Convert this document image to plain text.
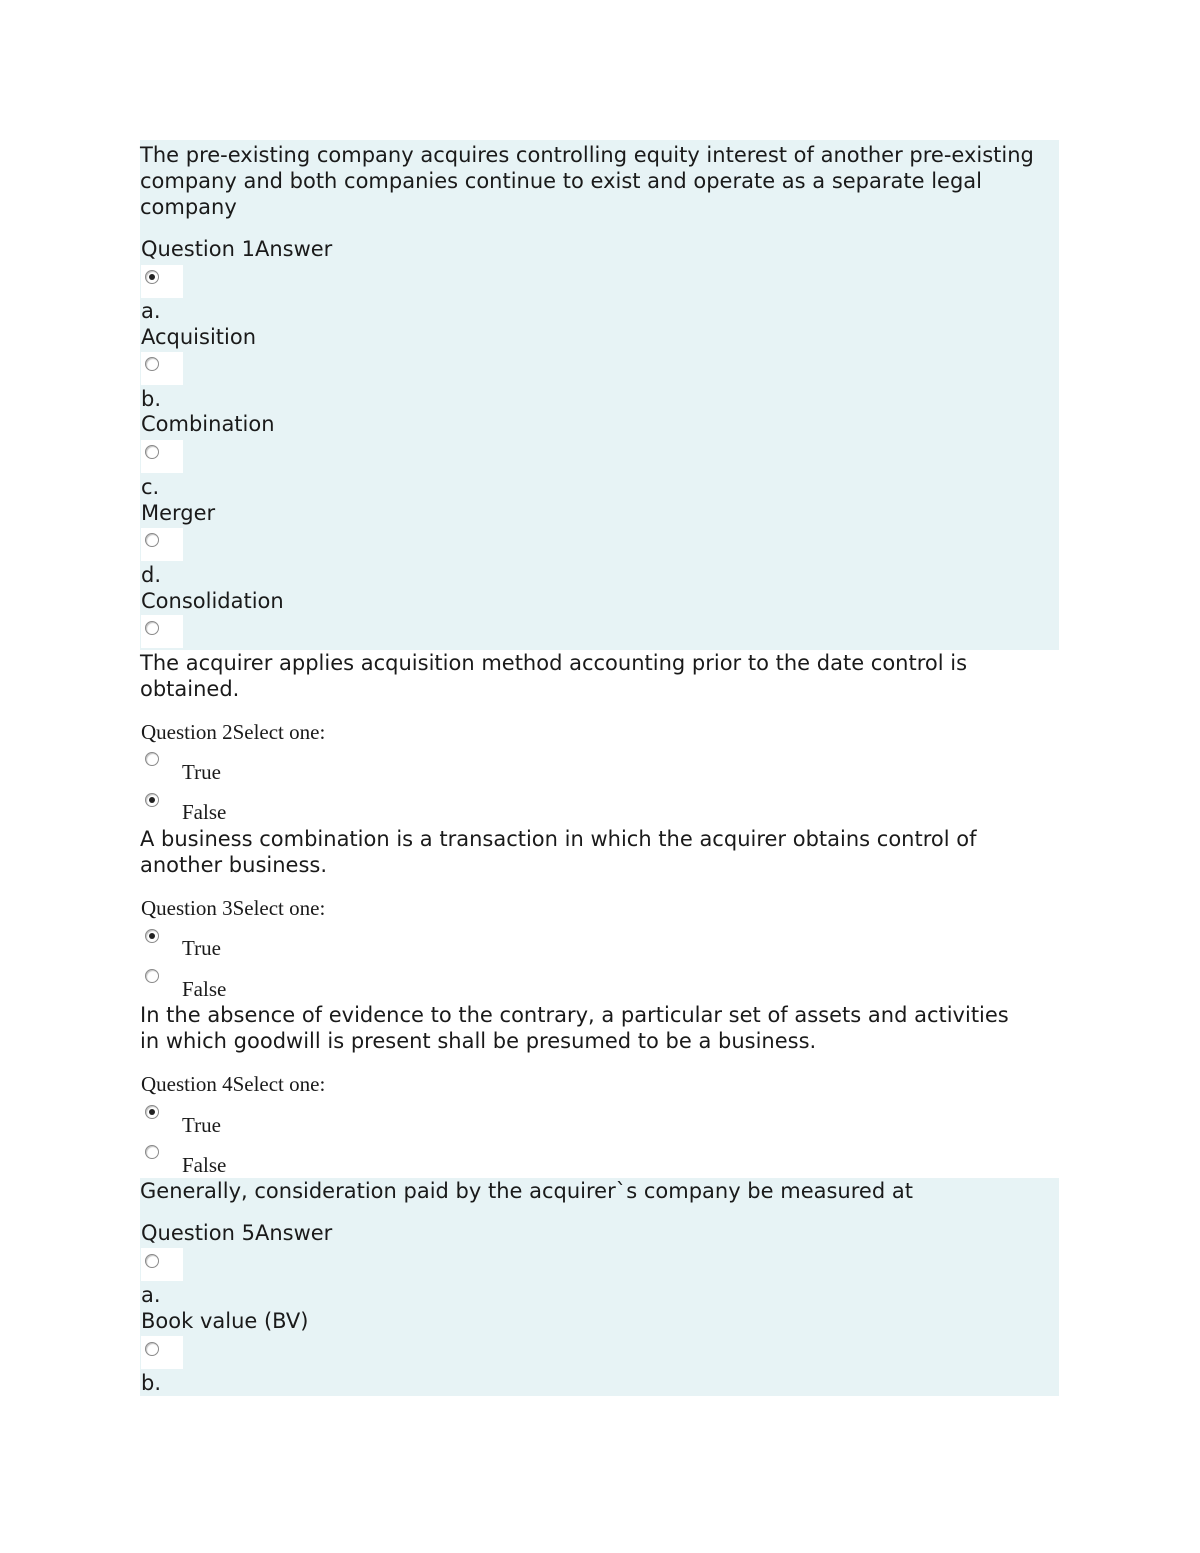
The pre-existing company acquires controlling equity interest of another pre-existing company and both companies continue to exist and operate as a separate legal company
Question 1Answer
a.
Acquisition
b.
Combination
c.
Merger
d.
Consolidation
The acquirer applies acquisition method accounting prior to the date control is obtained.
Question 2Select one:
True
False
A business combination is a transaction in which the acquirer obtains control of another business.
Question 3Select one:
True
False
In the absence of evidence to the contrary, a particular set of assets and activities in which goodwill is present shall be presumed to be a business.
Question 4Select one:
True
False
Generally, consideration paid by the acquirer`s company be measured at
Question 5Answer
a.
Book value (BV)
b.
